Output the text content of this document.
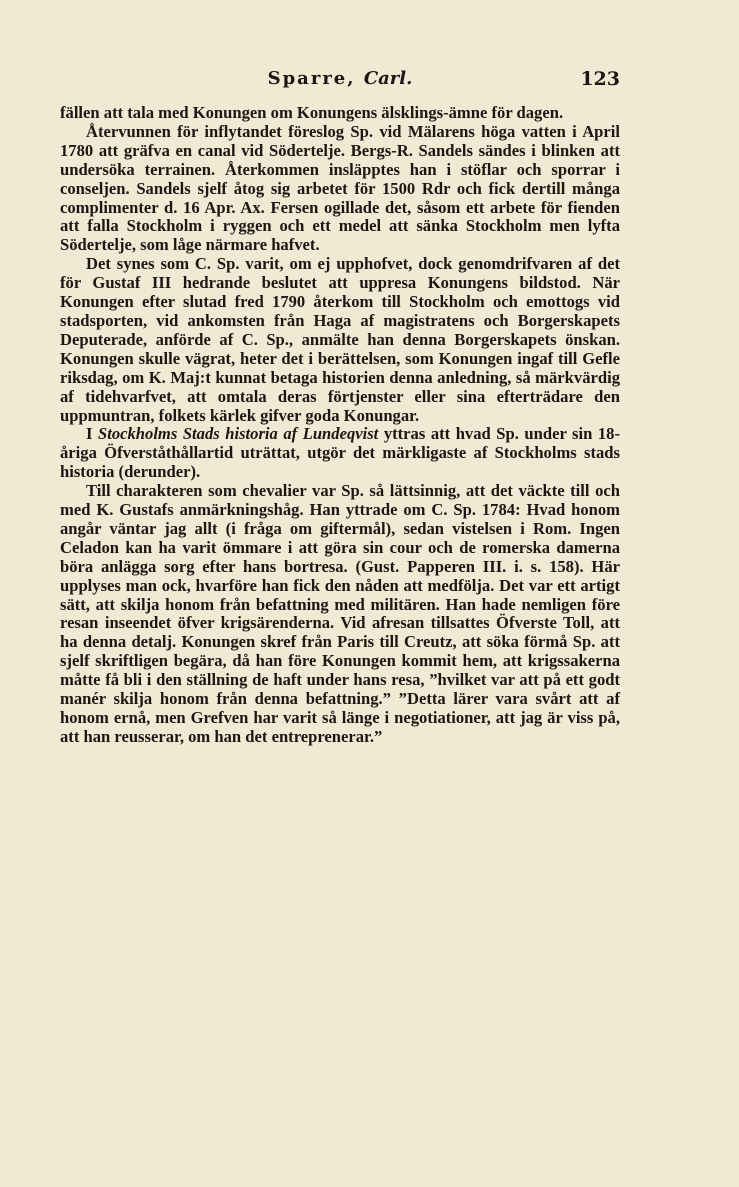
Sparre, Carl.	123

fällen att tala med Konungen om Konungens älsklings-ämne för dagen.

Återvunnen för inflytandet föreslog Sp. vid Mälarens höga vatten i April 1780 att gräfva en canal vid Söderteljе. Bergs-R. Sandels sändes i blinken att undersöka terrainen. Återkommen insläpptes han i stöflar och sporrar i conseljen. Sandels sjelf åtog sig arbetet för 1500 Rdr och fick dertill många complimenter d. 16 Apr. Ax. Fersen ogillade det, såsom ett arbete för fienden att falla Stockholm i ryggen och ett medel att sänka Stockholm men lyfta Södertelje, som låge närmare hafvet.

Det synes som C. Sp. varit, om ej upphofvet, dock genomdrifvaren af det för Gustaf III hedrande beslutet att uppresa Konungens bildstod. När Konungen efter slutad fred 1790 återkom till Stockholm och emottogs vid stadsporten, vid ankomsten från Haga af magistratens och Borgerskapets Deputerade, anförde af C. Sp., anmälte han denna Borgerskapets önskan. Konungen skulle vägrat, heter det i berättelsen, som Konungen ingaf till Gefle riksdag, om K. Maj:t kunnat betaga historien denna anledning, så märkvärdig af tidehvarfvet, att omtala deras förtjenster eller sina efterträdare den uppmuntran, folkets kärlek gifver goda Konungar.

I Stockholms Stads historia af Lundeqvist yttras att hvad Sp. under sin 18-åriga Öfverståthållartid uträttat, utgör det märkligaste af Stockholms stads historia (derunder).

Till charakteren som chevalier var Sp. så lättsinnig, att det väckte till och med K. Gustafs anmärkningshåg. Han yttrade om C. Sp. 1784: Hvad honom angår väntar jag allt (i fråga om giftermål), sedan vistelsen i Rom. Ingen Celadon kan ha varit ömmare i att göra sin cour och de romerska damerna böra anlägga sorg efter hans bortresa. (Gust. Papperen III. i. s. 158). Här upplyses man ock, hvarföre han fick den nåden att medfölja. Det var ett artigt sätt, att skilja honom från befattning med militären. Han hade nemligen före resan inseendet öfver krigsärenderna. Vid afresan tillsattes Öfverste Toll, att ha denna detalj. Konungen skref från Paris till Creutz, att söka förmå Sp. att sjelf skriftligen begära, då han före Konungen kommit hem, att krigssakerna måtte få bli i den ställning de haft under hans resa, ”hvilket var att på ett godt manér skilja honom från denna befattning.” ”Detta lärer vara svårt att af honom ernå, men Grefven har varit så länge i negotiationer, att jag är viss på, att han reusserar, om han det entreprenerar.”
